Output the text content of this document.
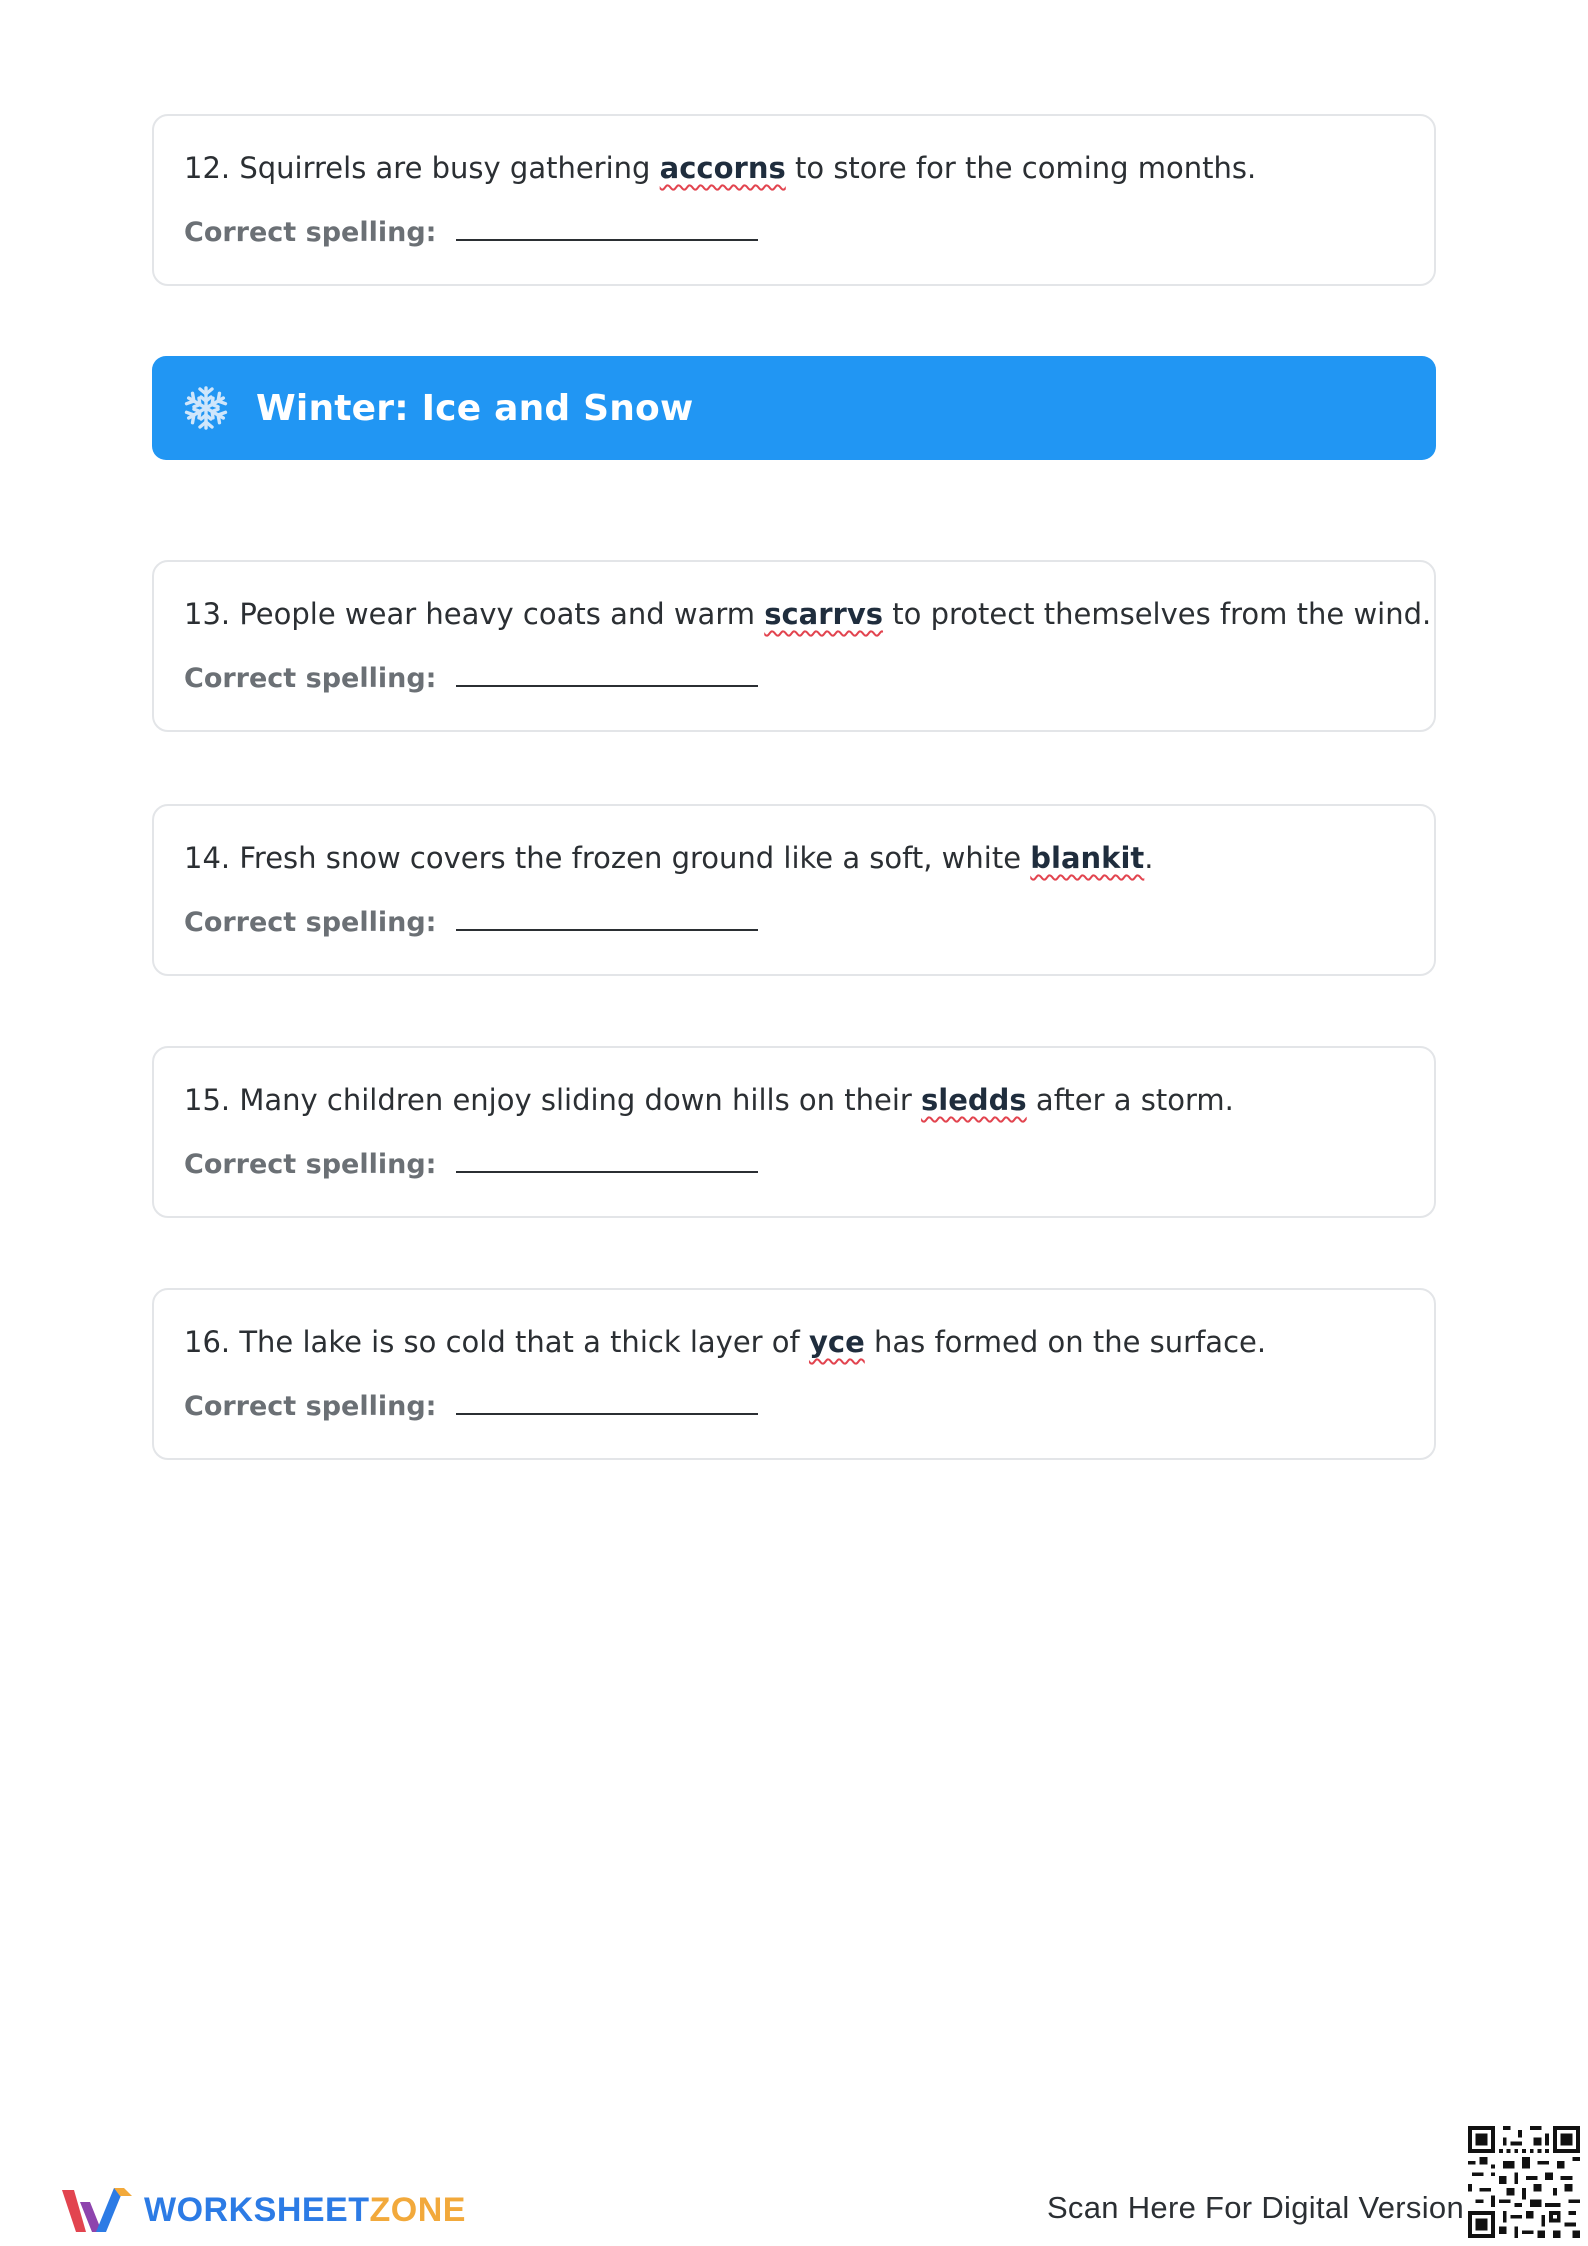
12. Squirrels are busy gathering accorns to store for the coming months.
Correct spelling:
Winter: Ice and Snow
13. People wear heavy coats and warm scarrvs to protect themselves from the wind.
Correct spelling:
14. Fresh snow covers the frozen ground like a soft, white blankit.
Correct spelling:
15. Many children enjoy sliding down hills on their sledds after a storm.
Correct spelling:
16. The lake is so cold that a thick layer of yce has formed on the surface.
Correct spelling:
WORKSHEETZONE	Scan Here For Digital Version
